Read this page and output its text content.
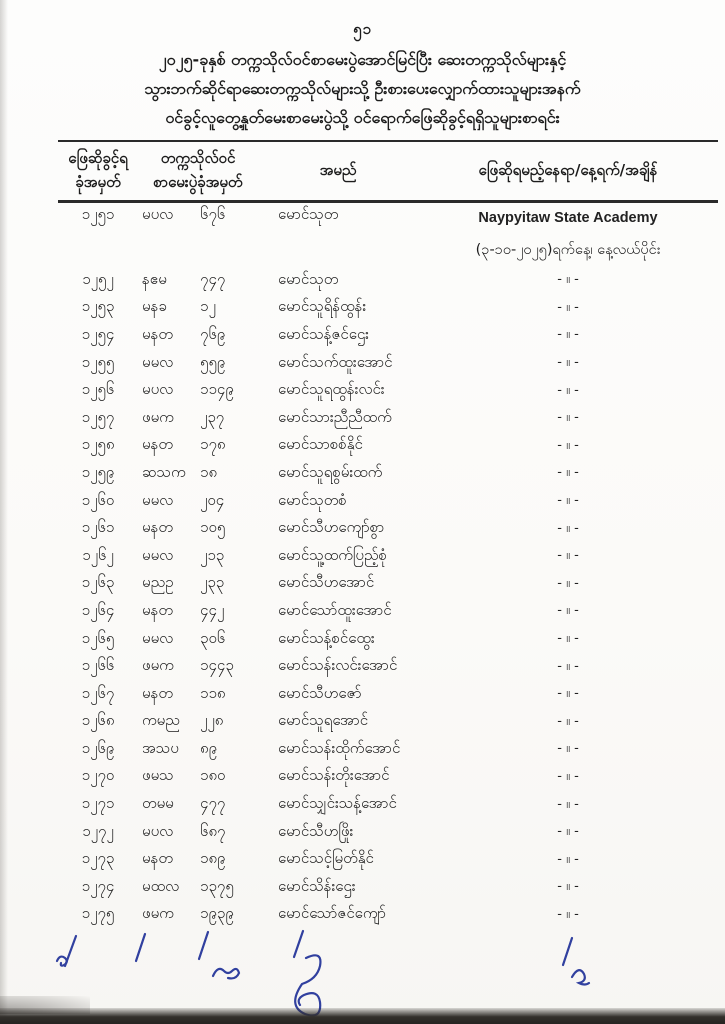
၅၁
၂၀၂၅-ခုနှစ် တက္ကသိုလ်ဝင်စာမေးပွဲအောင်မြင်ပြီး ဆေးတက္ကသိုလ်များနှင့်
သွားဘက်ဆိုင်ရာဆေးတက္ကသိုလ်များသို့ ဦးစားပေးလျှောက်ထားသူများအနက်
ဝင်ခွင့်လူတွေ့နှုတ်မေးစာမေးပွဲသို့ ဝင်ရောက်ဖြေဆိုခွင့်ရရှိသူများစာရင်း
ဖြေဆိုခွင့်ရ
ခုံအမှတ်
တက္ကသိုလ်ဝင်
စာမေးပွဲခုံအမှတ်
အမည်	ဖြေဆိုရမည့်နေရာ/နေ့ရက်/အချိန်
၁၂၅၁	မပလ	၆၇၆	မောင်သုတ	Naypyitaw State Academy
(၃-၁၀-၂၀၂၅)ရက်နေ့၊ နေ့လယ်ပိုင်း
၁၂၅၂	နဧမ	၇၄၇	မောင်သုတ	- ။ -
၁၂၅၃	မနခ	၁၂	မောင်သူရိန်ထွန်း	- ။ -
၁၂၅၄	မနတ	၇၆၉	မောင်သန့်ဇင်ဌေး	- ။ -
၁၂၅၅	မမလ	၅၅၉	မောင်သက်ထူးအောင်	- ။ -
၁၂၅၆	မပလ	၁၁၄၉	မောင်သူရထွန်းလင်း	- ။ -
၁၂၅၇	ဖမက	၂၃၇	မောင်သားညီညီထက်	- ။ -
၁၂၅၈	မနတ	၁၇၈	မောင်သာစစ်နိုင်	- ။ -
၁၂၅၉	ဆသက ၁၈	မောင်သူရစွမ်းထက်	- ။ -
၁၂၆၀	မမလ	၂၀၄	မောင်သုတစံ	- ။ -
၁၂၆၁	မနတ	၁၀၅	မောင်သီဟကျော်စွာ	- ။ -
၁၂၆၂	မမလ	၂၁၃	မောင်သူ့ထက်ပြည့်စုံ	- ။ -
၁၂၆၃	မညဥ	၂၃၃	မောင်သီဟအောင်	- ။ -
၁၂၆၄	မနတ	၄၄၂	မောင်သော်ထူးအောင်	- ။ -
၁၂၆၅	မမလ	၃၀၆	မောင်သန့်စင်ထွေး	- ။ -
၁၂၆၆	ဖမက	၁၄၄၃	မောင်သန်းလင်းအောင်	- ။ -
၁၂၆၇	မနတ	၁၁၈	မောင်သီဟဇော်	- ။ -
၁၂၆၈	ကမည	၂၂၈	မောင်သူရအောင်	- ။ -
၁၂၆၉	အသပ	၈၉	မောင်သန်းထိုက်အောင်	- ။ -
၁၂၇၀	ဖမသ	၁၈၀	မောင်သန်းတိုးအောင်	- ။ -
၁၂၇၁	တမမ	၄၇၇	မောင်သျှင်းသန့်အောင်	- ။ -
၁၂၇၂	မပလ	၆၈၇	မောင်သီဟဖြိုး	- ။ -
၁၂၇၃	မနတ	၁၈၉	မောင်သင့်မြတ်နိုင်	- ။ -
၁၂၇၄	မထလ	၁၃၇၅	မောင်သိန်းဌေး	- ။ -
၁၂၇၅	ဖမက	၁၉၃၉	မောင်သော်ဇင်ကျော်	- ။ -
